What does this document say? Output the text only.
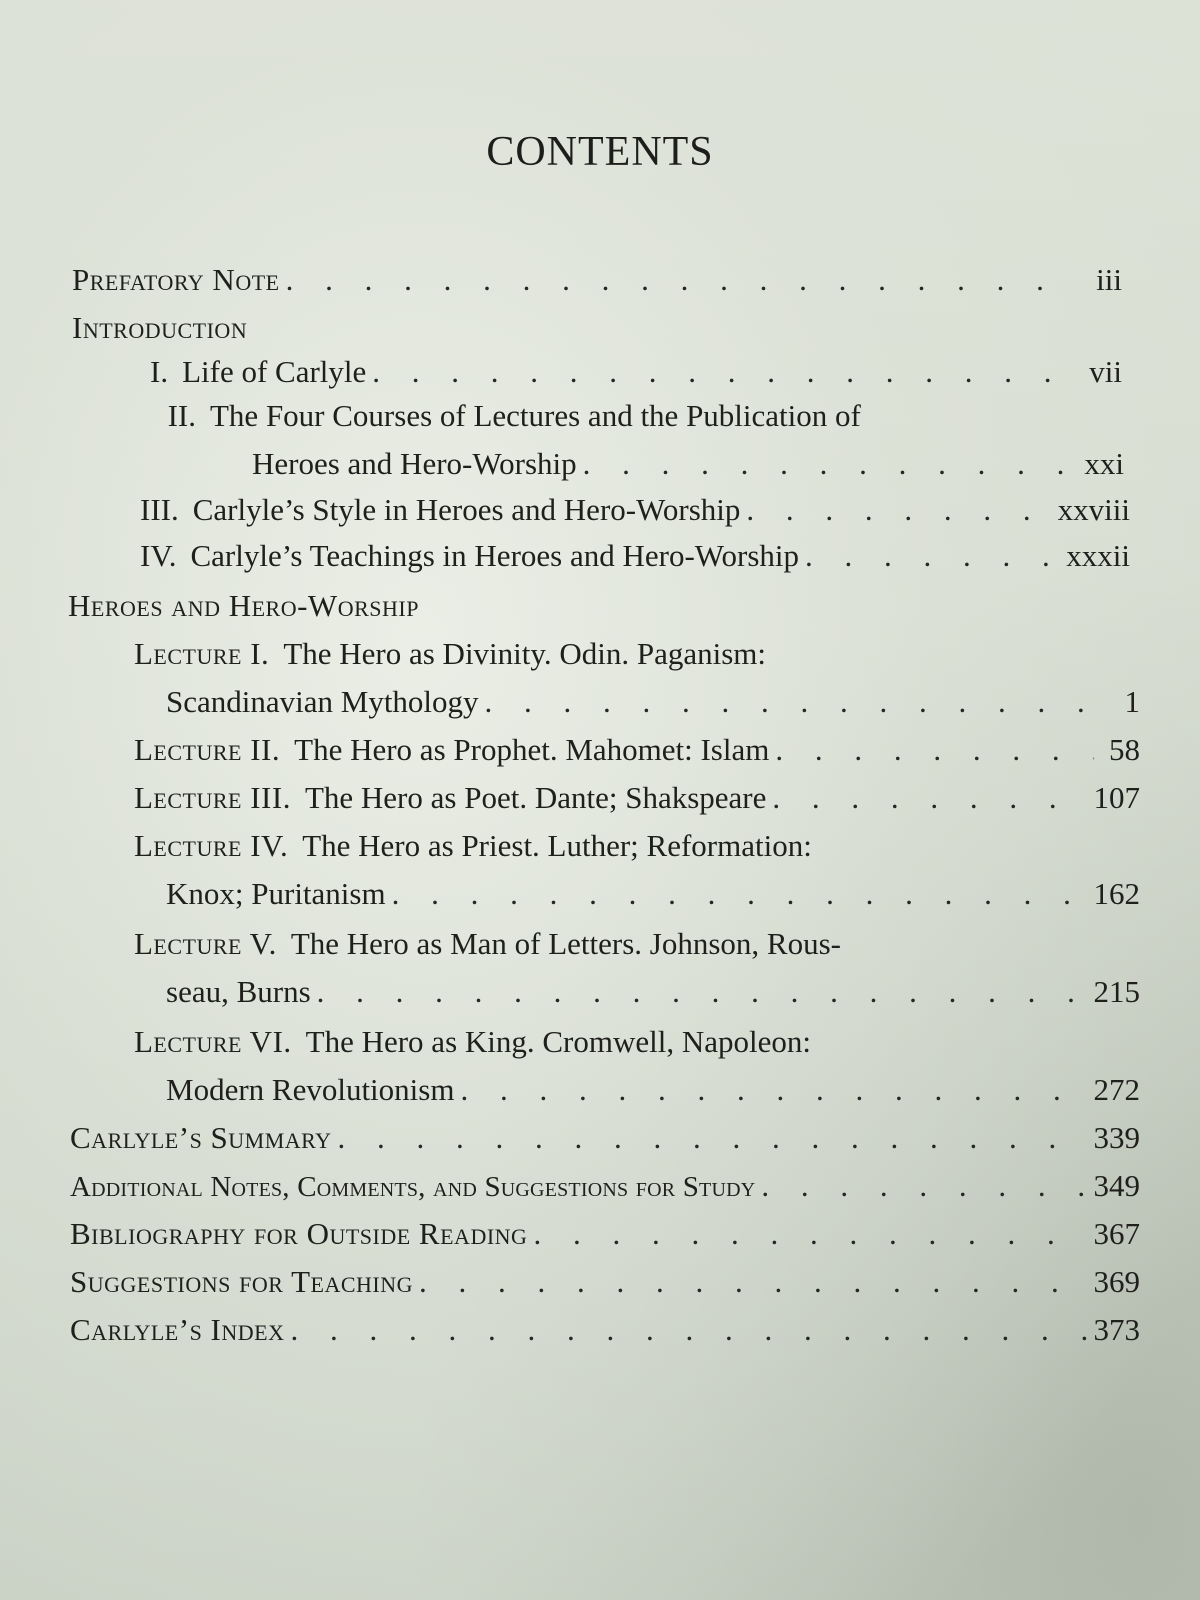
CONTENTS
Prefatory Note . . .	iii
Introduction
I. Life of Carlyle . . .	vii
II. The Four Courses of Lectures and the Publication of
Heroes and Hero-Worship . . .	xxi
III. Carlyle’s Style in Heroes and Hero-Worship . . .	xxviii
IV. Carlyle’s Teachings in Heroes and Hero-Worship . . .	xxxii
Heroes and Hero-Worship
Lecture I. The Hero as Divinity. Odin. Paganism:
Scandinavian Mythology . . .	1
Lecture II. The Hero as Prophet. Mahomet: Islam . . .	58
Lecture III. The Hero as Poet. Dante; Shakspeare . . .	107
Lecture IV. The Hero as Priest. Luther; Reformation:
Knox; Puritanism . . .	162
Lecture V. The Hero as Man of Letters. Johnson, Rous-
seau, Burns . . .	215
Lecture VI. The Hero as King. Cromwell, Napoleon:
Modern Revolutionism . . .	272
Carlyle’s Summary . . .	339
Additional Notes, Comments, and Suggestions for Study . . .	349
Bibliography for Outside Reading . . .	367
Suggestions for Teaching . . .	369
Carlyle’s Index . . .	373
